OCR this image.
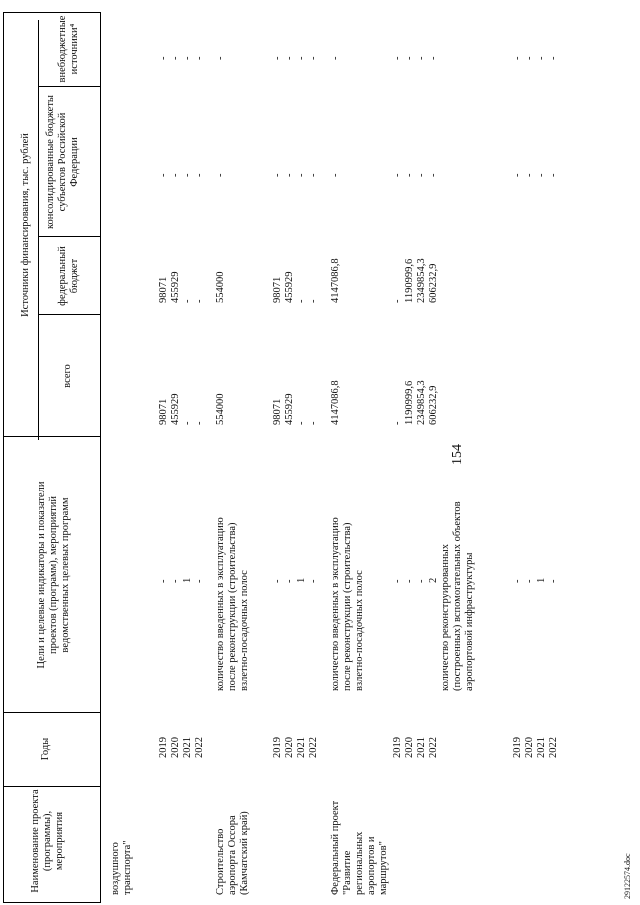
154
Наименование проекта
(программы),
мероприятия
Годы
Цели и целевые индикаторы и показатели
проектов (программ), мероприятий
ведомственных целевых программ
Источники финансирования, тыс. рублей
всего
федеральный
бюджет
консолидированные бюджеты
субъектов Российской
Федерации
внебюджетные
источники⁴
воздушного
транспорта"
2019
-
98071
98071
-
-
2020
-
455929
455929
-
-
2021
1
-
-
-
-
2022
-
-
-
-
-
Строительство
аэропорта Оссора
(Камчатский край)
количество введенных в эксплуатацию
после реконструкции (строительства)
взлетно-посадочных полос
554000
554000
-
-
2019
-
98071
98071
-
-
2020
-
455929
455929
-
-
2021
1
-
-
-
-
2022
-
-
-
-
-
Федеральный проект
"Развитие
региональных
аэропортов и
маршрутов"
количество введенных в эксплуатацию
после реконструкции (строительства)
взлетно-посадочных полос
4147086,8
4147086,8
-
-
2019
-
-
-
-
-
2020
-
1190999,6
1190999,6
-
-
2021
-
2349854,3
2349854,3
-
-
2022
2
606232,9
606232,9
-
-
количество реконструированных
(построенных) вспомогательных объектов
аэропортовой инфраструктуры
2019
-
-
-
2020
-
-
-
2021
1
-
-
2022
-
-
-
29122574.doc
